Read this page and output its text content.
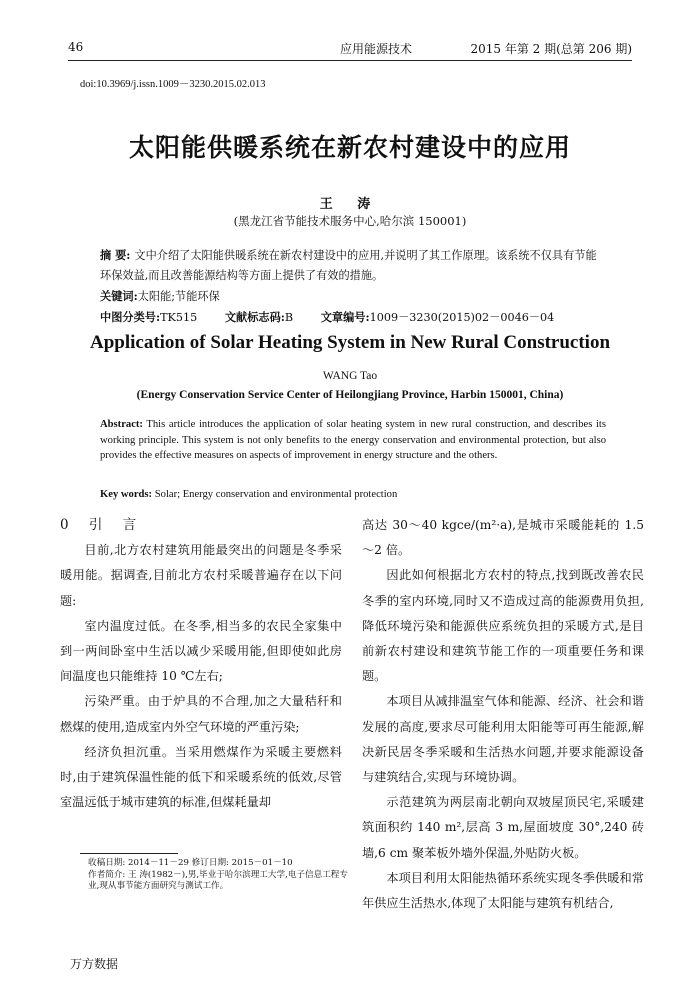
46	应用能源技术	2015 年第 2 期(总第 206 期)
doi:10.3969/j.issn.1009－3230.2015.02.013
太阳能供暖系统在新农村建设中的应用
王 涛
(黑龙江省节能技术服务中心,哈尔滨 150001)
摘 要: 文中介绍了太阳能供暖系统在新农村建设中的应用,并说明了其工作原理。该系统不仅具有节能环保效益,而且改善能源结构等方面上提供了有效的措施。
关键词:太阳能;节能环保
中图分类号:TK515 文献标志码:B 文章编号:1009－3230(2015)02－0046－04
Application of Solar Heating System in New Rural Construction
WANG Tao
(Energy Conservation Service Center of Heilongjiang Province, Harbin 150001, China)
Abstract: This article introduces the application of solar heating system in new rural construction, and describes its working principle. This system is not only benefits to the energy conservation and environmental protection, but also provides the effective measures on aspects of improvement in energy structure and the others.
Key words: Solar; Energy conservation and environmental protection

0 引 言

目前,北方农村建筑用能最突出的问题是冬季采暖用能。据调查,目前北方农村采暖普遍存在以下问题:

室内温度过低。在冬季,相当多的农民全家集中到一两间卧室中生活以减少采暖用能,但即使如此房间温度也只能维持 10 ℃左右;

污染严重。由于炉具的不合理,加之大量秸秆和燃煤的使用,造成室内外空气环境的严重污染;

经济负担沉重。当采用燃煤作为采暖主要燃料时,由于建筑保温性能的低下和采暖系统的低效,尽管室温远低于城市建筑的标准,但煤耗量却

高达 30～40 kgce/(m²·a),是城市采暖能耗的 1.5～2 倍。

因此如何根据北方农村的特点,找到既改善农民冬季的室内环境,同时又不造成过高的能源费用负担,降低环境污染和能源供应系统负担的采暖方式,是目前新农村建设和建筑节能工作的一项重要任务和课题。

本项目从减排温室气体和能源、经济、社会和谐发展的高度,要求尽可能利用太阳能等可再生能源,解决新民居冬季采暖和生活热水问题,并要求能源设备与建筑结合,实现与环境协调。

示范建筑为两层南北朝向双坡屋顶民宅,采暖建筑面积约 140 m²,层高 3 m,屋面坡度 30°,240 砖墙,6 cm 聚苯板外墙外保温,外贴防火板。

本项目利用太阳能热循环系统实现冬季供暖和常年供应生活热水,体现了太阳能与建筑有机结合,

收稿日期: 2014－11－29 修订日期: 2015－01－10
作者简介: 王 涛(1982－),男,毕业于哈尔滨理工大学,电子信息工程专业,现从事节能方面研究与测试工作。
万方数据
